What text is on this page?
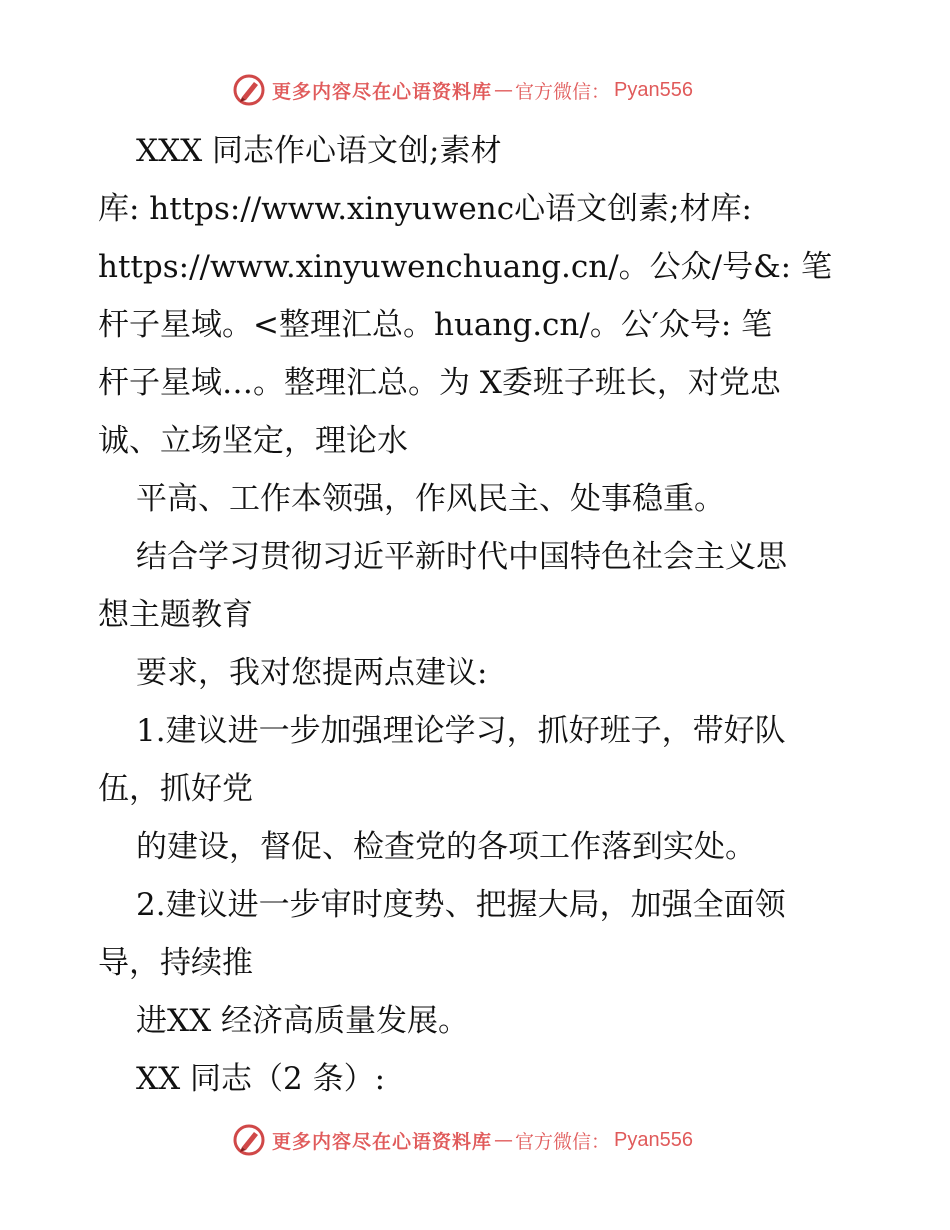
更多内容尽在心语资料库 — 官方微信： Pyan556

XXX 同志作心语文创;素材

库: https://www.xinyuwenc心语文创素;材库:

https://www.xinyuwenchuang.cn/。公众/号&: 笔

杆子星域。<整理汇总。huang.cn/。公′众号: 笔

杆子星域…。整理汇总。为 X委班子班长，对党忠

诚、立场坚定，理论水

平高、工作本领强，作风民主、处事稳重。

结合学习贯彻习近平新时代中国特色社会主义思

想主题教育

要求，我对您提两点建议:

1.建议进一步加强理论学习，抓好班子，带好队

伍，抓好党

的建设，督促、检查党的各项工作落到实处。

2.建议进一步审时度势、把握大局，加强全面领

导，持续推

进XX 经济高质量发展。

XX 同志（2 条）:

更多内容尽在心语资料库 — 官方微信： Pyan556
